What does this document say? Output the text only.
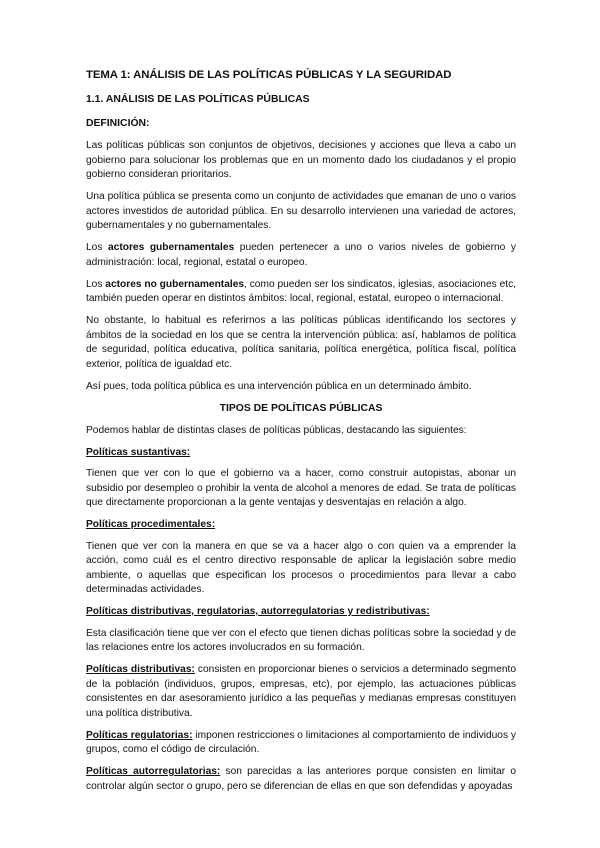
TEMA 1: ANÁLISIS DE LAS POLÍTICAS PÚBLICAS Y LA SEGURIDAD
1.1. ANÁLISIS DE LAS POLÍTICAS PÚBLICAS
DEFINICIÓN:

Las políticas públicas son conjuntos de objetivos, decisiones y acciones que lleva a cabo un gobierno para solucionar los problemas que en un momento dado los ciudadanos y el propio gobierno consideran prioritarios.

Una política pública se presenta como un conjunto de actividades que emanan de uno o varios actores investidos de autoridad pública. En su desarrollo intervienen una variedad de actores, gubernamentales y no gubernamentales.

Los actores gubernamentales pueden pertenecer a uno o varios niveles de gobierno y administración: local, regional, estatal o europeo.

Los actores no gubernamentales, como pueden ser los sindicatos, iglesias, asociaciones etc, también pueden operar en distintos ámbitos: local, regional, estatal, europeo o internacional.

No obstante, lo habitual es referirnos a las políticas públicas identificando los sectores y ámbitos de la sociedad en los que se centra la intervención pública: así, hablamos de política de seguridad, política educativa, política sanitaria, política energética, política fiscal, política exterior, política de igualdad etc.

Así pues, toda política pública es una intervención pública en un determinado ámbito.

TIPOS DE POLÍTICAS PÚBLICAS

Podemos hablar de distintas clases de políticas públicas, destacando las siguientes:

Políticas sustantivas:

Tienen que ver con lo que el gobierno va a hacer, como construir autopistas, abonar un subsidio por desempleo o prohibir la venta de alcohol a menores de edad. Se trata de políticas que directamente proporcionan a la gente ventajas y desventajas en relación a algo.

Políticas procedimentales:

Tienen que ver con la manera en que se va a hacer algo o con quien va a emprender la acción, como cuál es el centro directivo responsable de aplicar la legislación sobre medio ambiente, o aquellas que especifican los procesos o procedimientos para llevar a cabo determinadas actividades.

Políticas distributivas, regulatorias, autorregulatorias y redistributivas:

Esta clasificación tiene que ver con el efecto que tienen dichas políticas sobre la sociedad y de las relaciones entre los actores involucrados en su formación.

Políticas distributivas: consisten en proporcionar bienes o servicios a determinado segmento de la población (individuos, grupos, empresas, etc), por ejemplo, las actuaciones públicas consistentes en dar asesoramiento jurídico a las pequeñas y medianas empresas constituyen una política distributiva.

Políticas regulatorias: imponen restricciones o limitaciones al comportamiento de individuos y grupos, como el código de circulación.

Políticas autorregulatorias: son parecidas a las anteriores porque consisten en limitar o controlar algún sector o grupo, pero se diferencian de ellas en que son defendidas y apoyadas
